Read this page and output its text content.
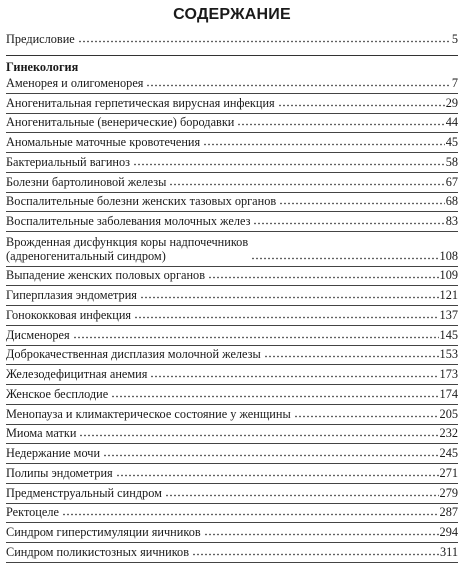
СОДЕРЖАНИЕ
Предисловие	5
Гинекология
Аменорея и олигоменорея	7
Аногенитальная герпетическая вирусная инфекция	29
Аногенитальные (венерические) бородавки	44
Аномальные маточные кровотечения	45
Бактериальный вагиноз	58
Болезни бартолиновой железы	67
Воспалительные болезни женских тазовых органов	68
Воспалительные заболевания молочных желез	83
Врожденная дисфункция коры надпочечников
(адреногенитальный синдром)	108
Выпадение женских половых органов	109
Гиперплазия эндометрия	121
Гонококковая инфекция	137
Дисменорея	145
Доброкачественная дисплазия молочной железы	153
Железодефицитная анемия	173
Женское бесплодие	174
Менопауза и климактерическое состояние у женщины	205
Миома матки	232
Недержание мочи	245
Полипы эндометрия	271
Предменструальный синдром	279
Ректоцеле	287
Синдром гиперстимуляции яичников	294
Синдром поликистозных яичников	311
